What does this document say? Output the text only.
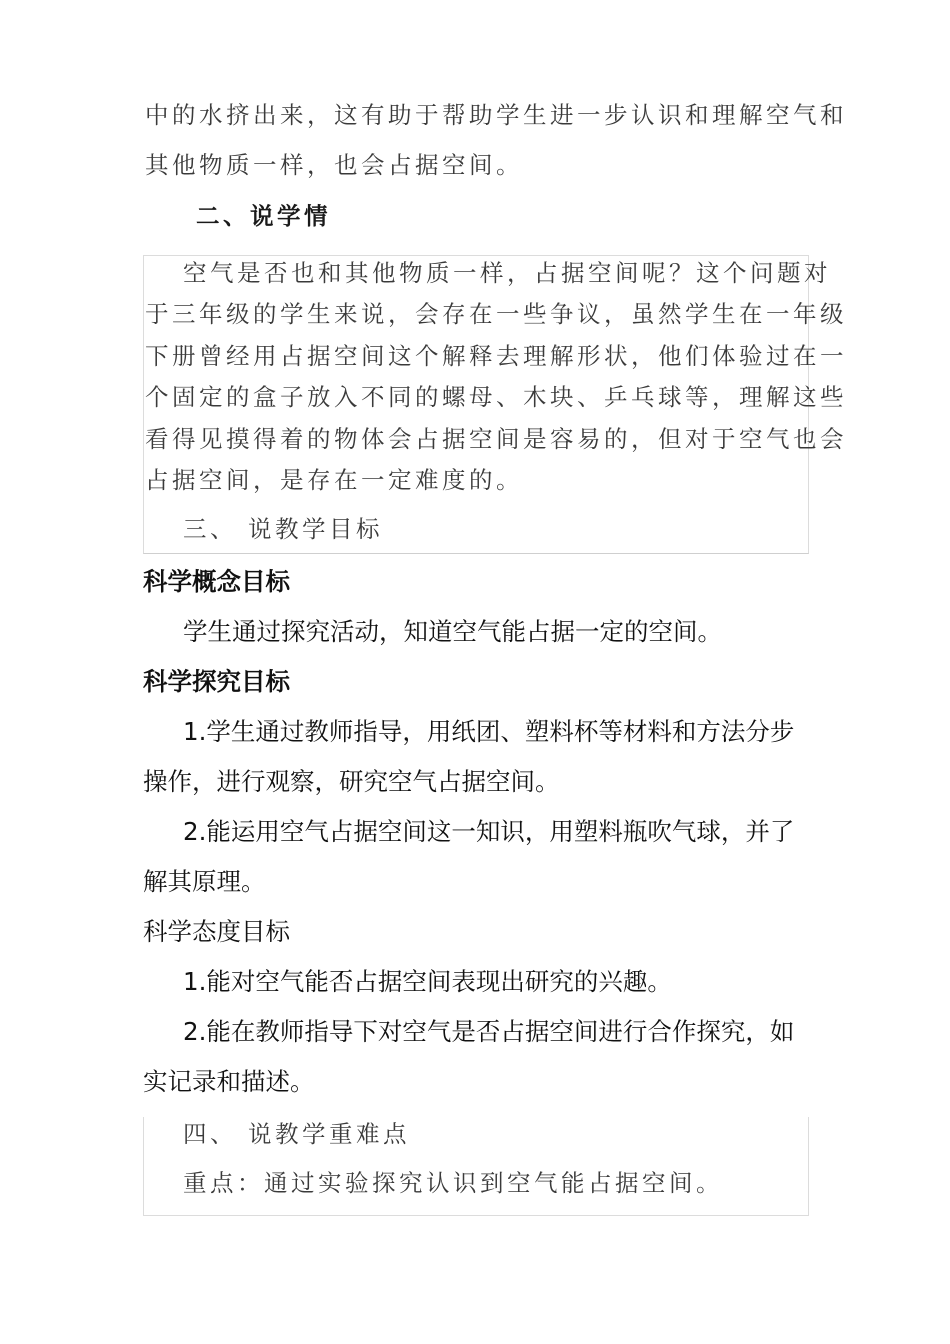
中的水挤出来，这有助于帮助学生进一步认识和理解空气和
其他物质一样，也会占据空间。
二、说学情
空气是否也和其他物质一样，占据空间呢？这个问题对
于三年级的学生来说，会存在一些争议，虽然学生在一年级
下册曾经用占据空间这个解释去理解形状，他们体验过在一
个固定的盒子放入不同的螺母、木块、乒乓球等，理解这些
看得见摸得着的物体会占据空间是容易的，但对于空气也会
占据空间，是存在一定难度的。
三、 说教学目标
科学概念目标
学生通过探究活动，知道空气能占据一定的空间。
科学探究目标
1.学生通过教师指导，用纸团、塑料杯等材料和方法分步
操作，进行观察，研究空气占据空间。
2.能运用空气占据空间这一知识，用塑料瓶吹气球，并了
解其原理。
科学态度目标
1.能对空气能否占据空间表现出研究的兴趣。
2.能在教师指导下对空气是否占据空间进行合作探究，如
实记录和描述。
四、 说教学重难点
重点：通过实验探究认识到空气能占据空间。
